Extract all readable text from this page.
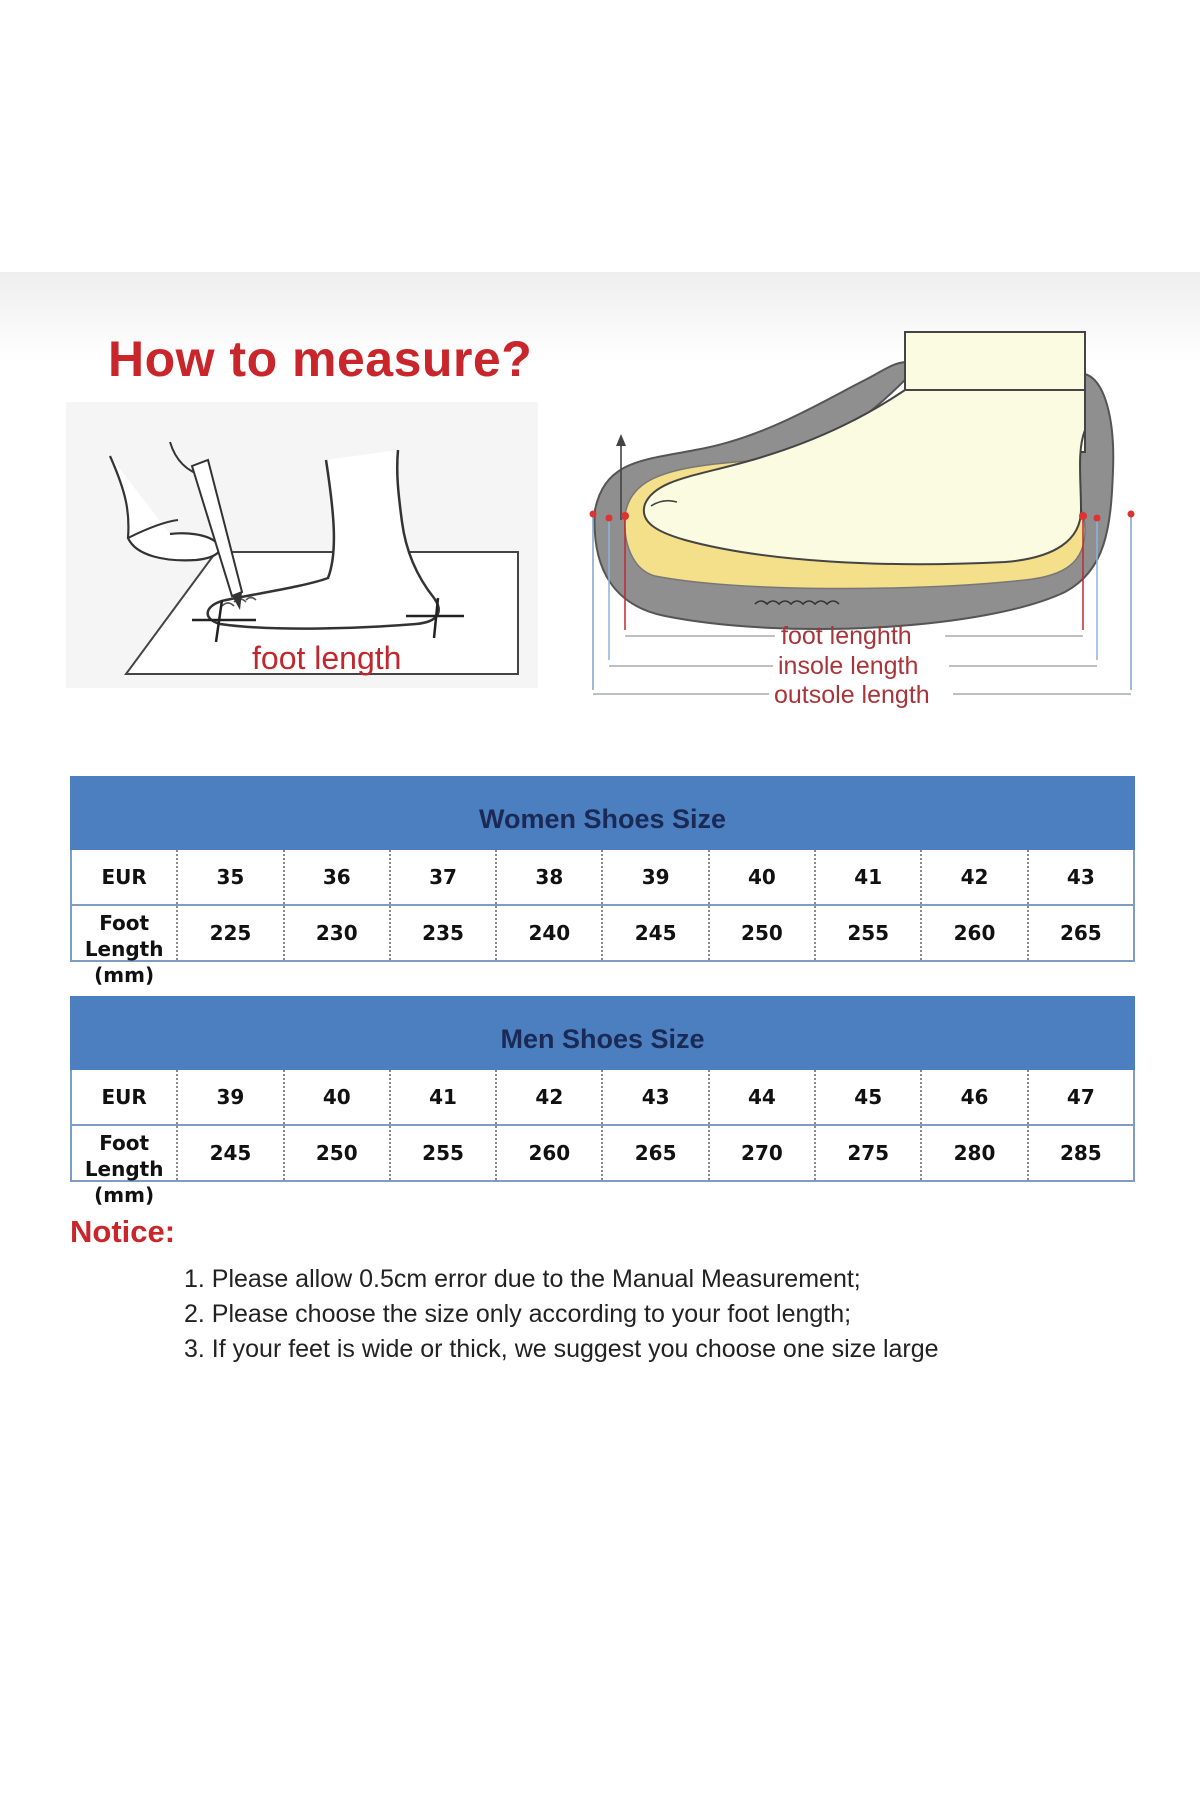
How to measure?
foot length
foot lenghth
insole length
outsole length
Women Shoes Size									
EUR	35	36	37	38	39	40	41	42	43

Foot Length (mm)	225	230	235	240	245	250	255	260	265
Men Shoes Size									
EUR	39	40	41	42	43	44	45	46	47

Foot Length (mm)	245	250	255	260	265	270	275	280	285
Notice:
1. Please allow 0.5cm error due to the Manual Measurement;
2. Please choose the size only according to your foot length;
3. If your feet is wide or thick, we suggest you choose one size large
